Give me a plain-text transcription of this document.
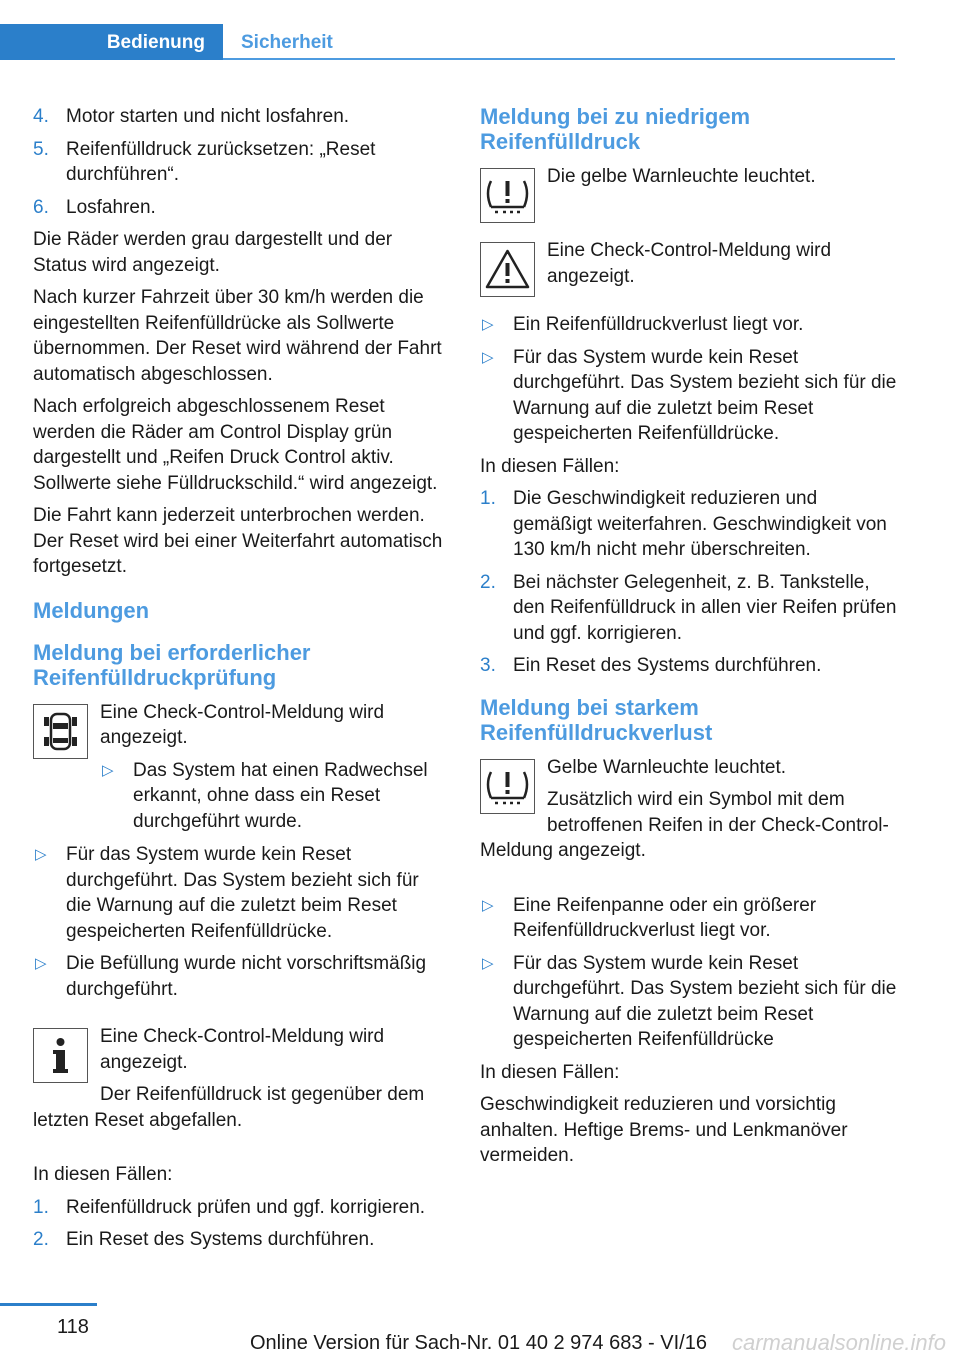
Bedienung Sicherheit
4. Motor starten und nicht losfahren.
5. Reifenfülldruck zurücksetzen: „Reset durchführen“.
6. Losfahren.

Die Räder werden grau dargestellt und der Status wird angezeigt.

Nach kurzer Fahrzeit über 30 km/h werden die eingestellten Reifenfülldrücke als Sollwerte übernommen. Der Reset wird während der Fahrt automatisch abgeschlossen.

Nach erfolgreich abgeschlossenem Reset werden die Räder am Control Display grün dargestellt und „Reifen Druck Control aktiv. Sollwerte siehe Fülldruckschild.“ wird angezeigt.

Die Fahrt kann jederzeit unterbrochen werden. Der Reset wird bei einer Weiterfahrt automatisch fortgesetzt.

Meldungen
Meldung bei erforderlicher Reifenfülldruckprüfung

Eine Check-Control-Meldung wird angezeigt.

▷ Das System hat einen Radwechsel erkannt, ohne dass ein Reset durchgeführt wurde.
▷ Für das System wurde kein Reset durchgeführt. Das System bezieht sich für die Warnung auf die zuletzt beim Reset gespeicherten Reifenfülldrücke.
▷ Die Befüllung wurde nicht vorschriftsmäßig durchgeführt.

Eine Check-Control-Meldung wird angezeigt.

Der Reifenfülldruck ist gegenüber dem letzten Reset abgefallen.

In diesen Fällen:

1. Reifenfülldruck prüfen und ggf. korrigieren.
2. Ein Reset des Systems durchführen.
Meldung bei zu niedrigem Reifenfülldruck

Die gelbe Warnleuchte leuchtet.

Eine Check-Control-Meldung wird angezeigt.

▷ Ein Reifenfülldruckverlust liegt vor.
▷ Für das System wurde kein Reset durchgeführt. Das System bezieht sich für die Warnung auf die zuletzt beim Reset gespeicherten Reifenfülldrücke.

In diesen Fällen:

1. Die Geschwindigkeit reduzieren und gemäßigt weiterfahren. Geschwindigkeit von 130 km/h nicht mehr überschreiten.
2. Bei nächster Gelegenheit, z. B. Tankstelle, den Reifenfülldruck in allen vier Reifen prüfen und ggf. korrigieren.
3. Ein Reset des Systems durchführen.
Meldung bei starkem Reifenfülldruckverlust

Gelbe Warnleuchte leuchtet.

Zusätzlich wird ein Symbol mit dem betroffenen Reifen in der Check-Control-Meldung angezeigt.

▷ Eine Reifenpanne oder ein größerer Reifenfülldruckverlust liegt vor.
▷ Für das System wurde kein Reset durchgeführt. Das System bezieht sich für die Warnung auf die zuletzt beim Reset gespeicherten Reifenfülldrücke

In diesen Fällen:

Geschwindigkeit reduzieren und vorsichtig anhalten. Heftige Brems- und Lenkmanöver vermeiden.

118
Online Version für Sach-Nr. 01 40 2 974 683 - VI/16 carmanualsonline.info
